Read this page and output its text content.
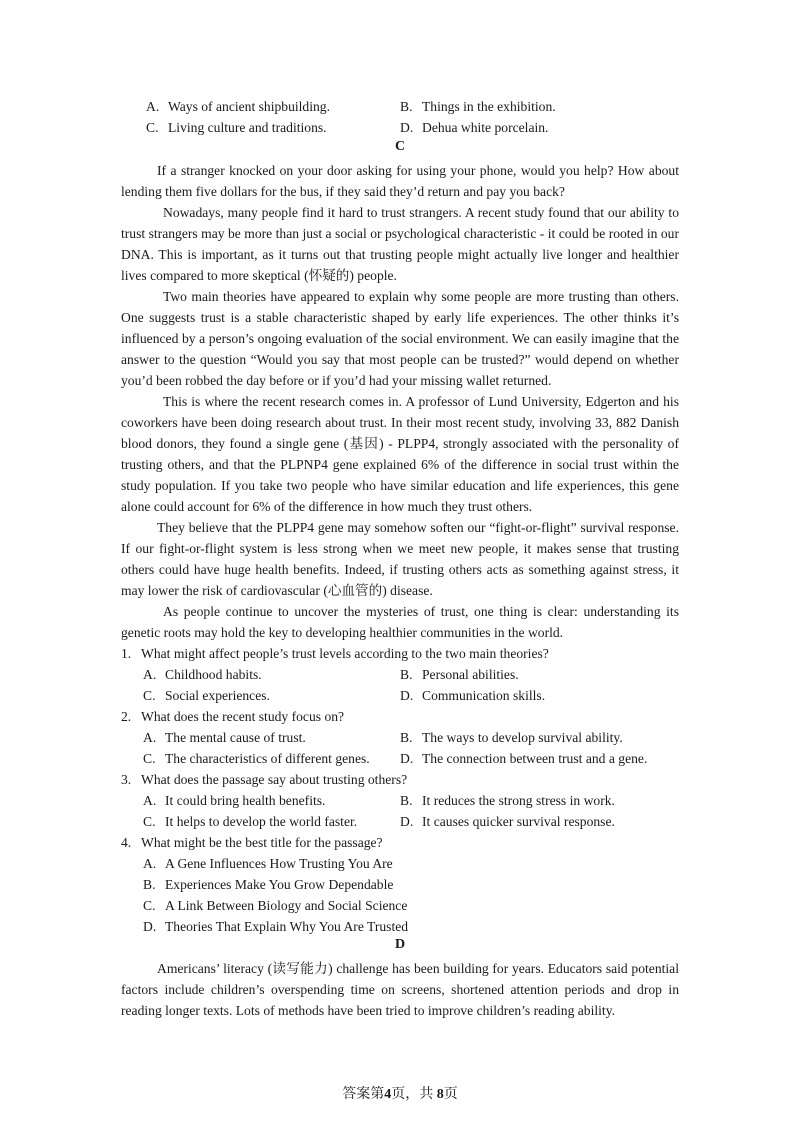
A. Ways of ancient shipbuilding.	B. Things in the exhibition.
C. Living culture and traditions.	D. Dehua white porcelain.
C
If a stranger knocked on your door asking for using your phone, would you help? How about lending them five dollars for the bus, if they said they’d return and pay you back?
Nowadays, many people find it hard to trust strangers. A recent study found that our ability to trust strangers may be more than just a social or psychological characteristic - it could be rooted in our DNA. This is important, as it turns out that trusting people might actually live longer and healthier lives compared to more skeptical (怀疑的) people.
Two main theories have appeared to explain why some people are more trusting than others. One suggests trust is a stable characteristic shaped by early life experiences. The other thinks it’s influenced by a person’s ongoing evaluation of the social environment. We can easily imagine that the answer to the question “Would you say that most people can be trusted?” would depend on whether you’d been robbed the day before or if you’d had your missing wallet returned.
This is where the recent research comes in. A professor of Lund University, Edgerton and his coworkers have been doing research about trust. In their most recent study, involving 33, 882 Danish blood donors, they found a single gene (基因) - PLPP4, strongly associated with the personality of trusting others, and that the PLPNP4 gene explained 6% of the difference in social trust within the study population. If you take two people who have similar education and life experiences, this gene alone could account for 6% of the difference in how much they trust others.
They believe that the PLPP4 gene may somehow soften our “fight-or-flight” survival response. If our fight-or-flight system is less strong when we meet new people, it makes sense that trusting others could have huge health benefits. Indeed, if trusting others acts as something against stress, it may lower the risk of cardiovascular (心血管的) disease.
As people continue to uncover the mysteries of trust, one thing is clear: understanding its genetic roots may hold the key to developing healthier communities in the world.
1. What might affect people’s trust levels according to the two main theories?
A. Childhood habits.	B. Personal abilities.
C. Social experiences.	D. Communication skills.
2. What does the recent study focus on?
A. The mental cause of trust.	B. The ways to develop survival ability.
C. The characteristics of different genes. D. The connection between trust and a gene.
3. What does the passage say about trusting others?
A. It could bring health benefits.	B. It reduces the strong stress in work.
C. It helps to develop the world faster.	D. It causes quicker survival response.
4. What might be the best title for the passage?
A. A Gene Influences How Trusting You Are
B. Experiences Make You Grow Dependable
C. A Link Between Biology and Social Science
D. Theories That Explain Why You Are Trusted
D
Americans’ literacy (读写能力) challenge has been building for years. Educators said potential factors include children’s overspending time on screens, shortened attention periods and drop in reading longer texts. Lots of methods have been tried to improve children’s reading ability.
答案第4页，共 8页
